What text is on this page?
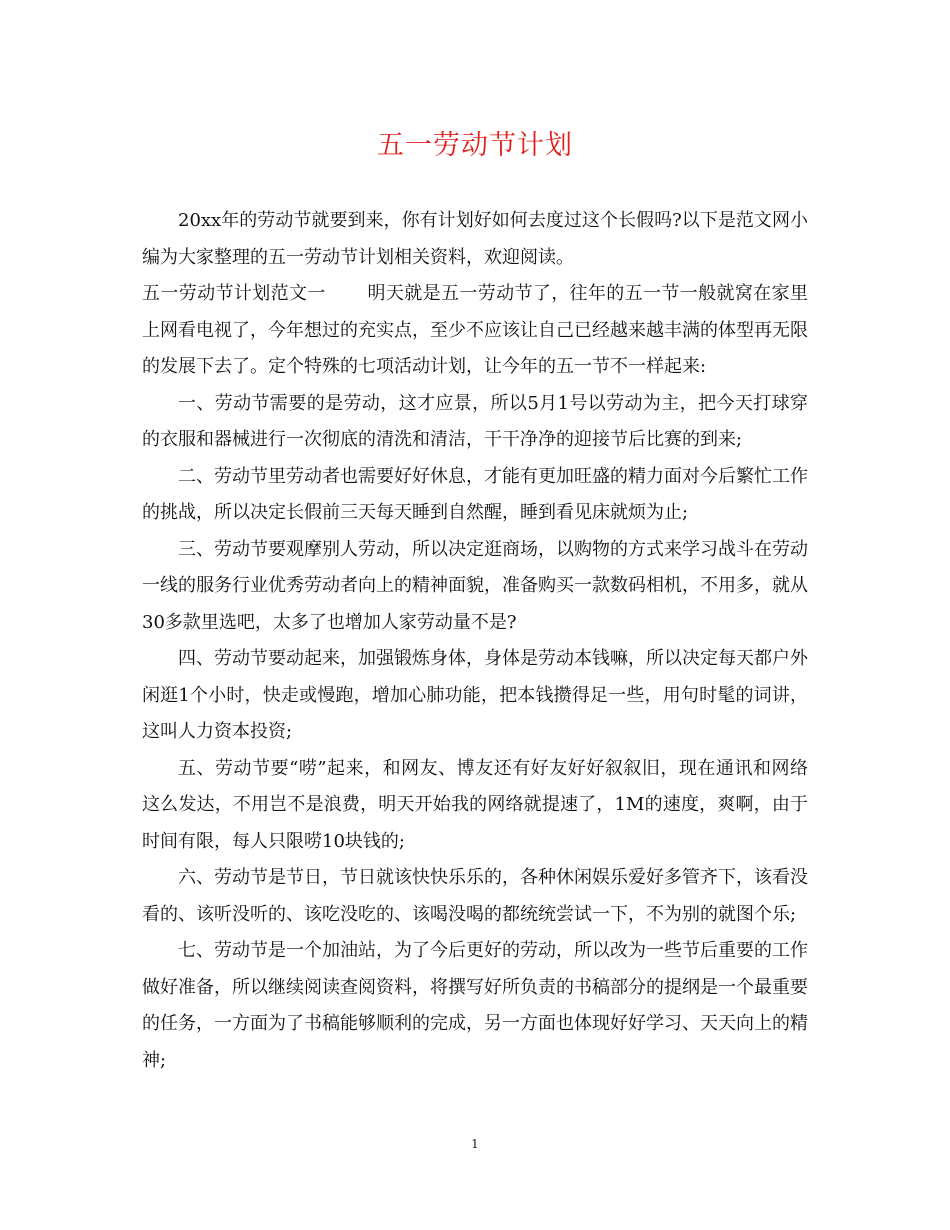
五一劳动节计划

20xx年的劳动节就要到来，你有计划好如何去度过这个长假吗?以下是范文网小编为大家整理的五一劳动节计划相关资料，欢迎阅读。

五一劳动节计划范文一 明天就是五一劳动节了，往年的五一节一般就窝在家里上网看电视了，今年想过的充实点，至少不应该让自己已经越来越丰满的体型再无限的发展下去了。定个特殊的七项活动计划，让今年的五一节不一样起来:

一、劳动节需要的是劳动，这才应景，所以5月1号以劳动为主，把今天打球穿的衣服和器械进行一次彻底的清洗和清洁，干干净净的迎接节后比赛的到来;

二、劳动节里劳动者也需要好好休息，才能有更加旺盛的精力面对今后繁忙工作的挑战，所以决定长假前三天每天睡到自然醒，睡到看见床就烦为止;

三、劳动节要观摩别人劳动，所以决定逛商场，以购物的方式来学习战斗在劳动一线的服务行业优秀劳动者向上的精神面貌，准备购买一款数码相机，不用多，就从30多款里选吧，太多了也增加人家劳动量不是?

四、劳动节要动起来，加强锻炼身体，身体是劳动本钱嘛，所以决定每天都户外闲逛1个小时，快走或慢跑，增加心肺功能，把本钱攒得足一些，用句时髦的词讲，这叫人力资本投资;

五、劳动节要“唠”起来，和网友、博友还有好友好好叙叙旧，现在通讯和网络这么发达，不用岂不是浪费，明天开始我的网络就提速了，1M的速度，爽啊，由于时间有限，每人只限唠10块钱的;

六、劳动节是节日，节日就该快快乐乐的，各种休闲娱乐爱好多管齐下，该看没看的、该听没听的、该吃没吃的、该喝没喝的都统统尝试一下，不为别的就图个乐;

七、劳动节是一个加油站，为了今后更好的劳动，所以改为一些节后重要的工作做好准备，所以继续阅读查阅资料，将撰写好所负责的书稿部分的提纲是一个最重要的任务，一方面为了书稿能够顺利的完成，另一方面也体现好好学习、天天向上的精神;

1
